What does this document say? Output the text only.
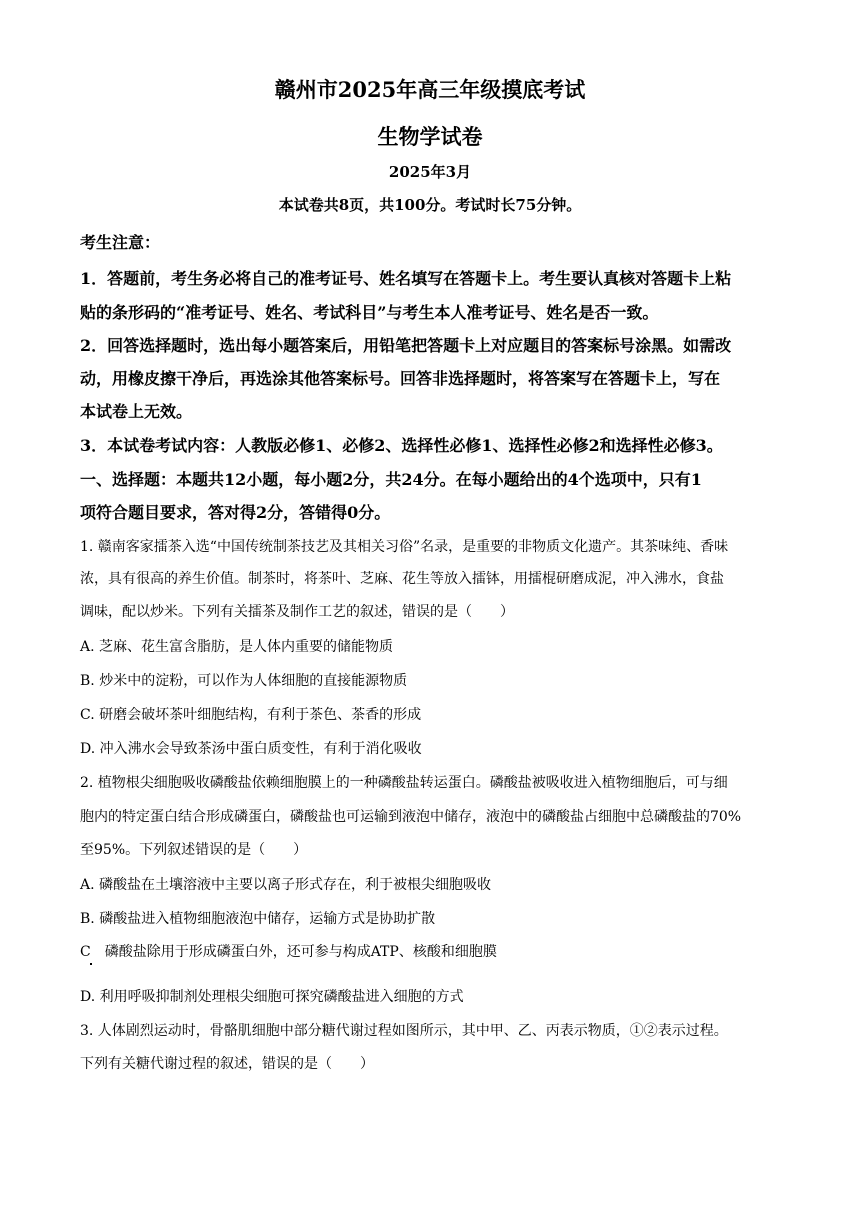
赣州市2025年高三年级摸底考试
生物学试卷
2025年3月
本试卷共8页，共100分。考试时长75分钟。
考生注意：
1．答题前，考生务必将自己的准考证号、姓名填写在答题卡上。考生要认真核对答题卡上粘
贴的条形码的“准考证号、姓名、考试科目”与考生本人准考证号、姓名是否一致。
2．回答选择题时，选出每小题答案后，用铅笔把答题卡上对应题目的答案标号涂黑。如需改
动，用橡皮擦干净后，再选涂其他答案标号。回答非选择题时，将答案写在答题卡上，写在
本试卷上无效。
3．本试卷考试内容：人教版必修1、必修2、选择性必修1、选择性必修2和选择性必修3。
一、选择题：本题共12小题，每小题2分，共24分。在每小题给出的4个选项中，只有1
项符合题目要求，答对得2分，答错得0分。
1. 赣南客家擂茶入选“中国传统制茶技艺及其相关习俗”名录，是重要的非物质文化遗产。其茶味纯、香味
浓，具有很高的养生价值。制茶时，将茶叶、芝麻、花生等放入擂钵，用擂棍研磨成泥，冲入沸水，食盐
调味，配以炒米。下列有关擂茶及制作工艺的叙述，错误的是（　　）
A. 芝麻、花生富含脂肪，是人体内重要的储能物质
B. 炒米中的淀粉，可以作为人体细胞的直接能源物质
C. 研磨会破坏茶叶细胞结构，有利于茶色、茶香的形成
D. 冲入沸水会导致茶汤中蛋白质变性，有利于消化吸收
2. 植物根尖细胞吸收磷酸盐依赖细胞膜上的一种磷酸盐转运蛋白。磷酸盐被吸收进入植物细胞后，可与细
胞内的特定蛋白结合形成磷蛋白，磷酸盐也可运输到液泡中储存，液泡中的磷酸盐占细胞中总磷酸盐的70%
至95%。下列叙述错误的是（　　）
A. 磷酸盐在土壤溶液中主要以离子形式存在，利于被根尖细胞吸收
B. 磷酸盐进入植物细胞液泡中储存，运输方式是协助扩散
C　磷酸盐除用于形成磷蛋白外，还可参与构成ATP、核酸和细胞膜
D. 利用呼吸抑制剂处理根尖细胞可探究磷酸盐进入细胞的方式
3. 人体剧烈运动时，骨骼肌细胞中部分糖代谢过程如图所示，其中甲、乙、丙表示物质，①②表示过程。
下列有关糖代谢过程的叙述，错误的是（　　）
